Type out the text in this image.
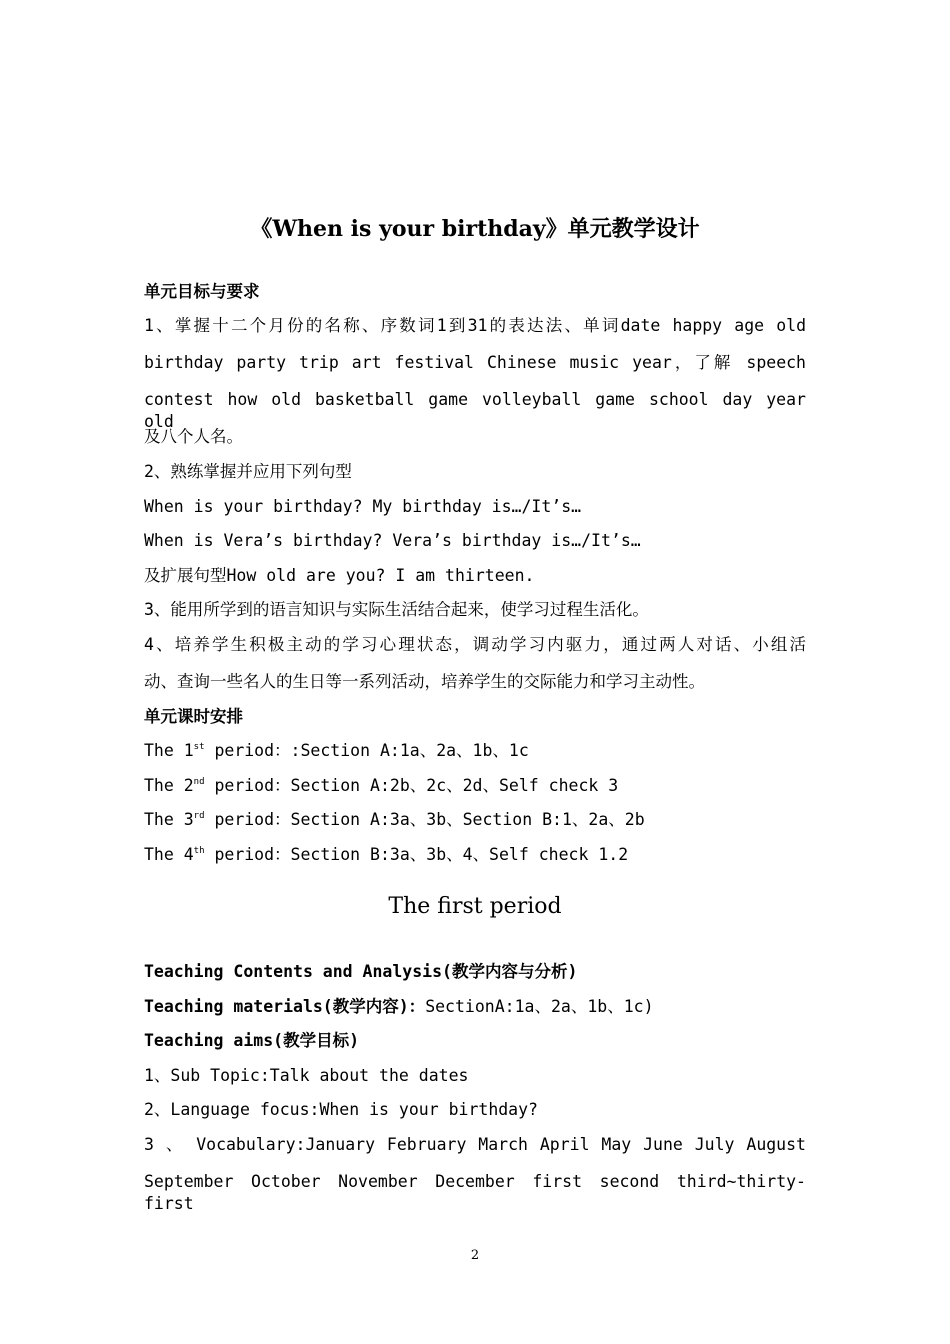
《When is your birthday》单元教学设计
单元目标与要求
1、掌握十二个月份的名称、序数词1到31的表达法、单词date happy age old
birthday party trip art festival Chinese music year，了解 speech
contest how old basketball game volleyball game school day year old
及八个人名。
2、熟练掌握并应用下列句型
When is your birthday? My birthday is…/It’s…
When is Vera’s birthday? Vera’s birthday is…/It’s…
及扩展句型How old are you? I am thirteen.
3、能用所学到的语言知识与实际生活结合起来，使学习过程生活化。
4、培养学生积极主动的学习心理状态，调动学习内驱力，通过两人对话、小组活
动、查询一些名人的生日等一系列活动，培养学生的交际能力和学习主动性。
单元课时安排
The 1st period：:Section A:1a、2a、1b、1c
The 2nd period：Section A:2b、2c、2d、Self check 3
The 3rd period：Section A:3a、3b、Section B:1、2a、2b
The 4th period：Section B:3a、3b、4、Self check 1.2
The first period
Teaching Contents and Analysis(教学内容与分析)
Teaching materials(教学内容)：SectionA:1a、2a、1b、1c)
Teaching aims(教学目标)
1、Sub Topic:Talk about the dates
2、Language focus:When is your birthday?
3 、 Vocabulary:January February March April May June July August
September October November December first second third~thirty-first
2
